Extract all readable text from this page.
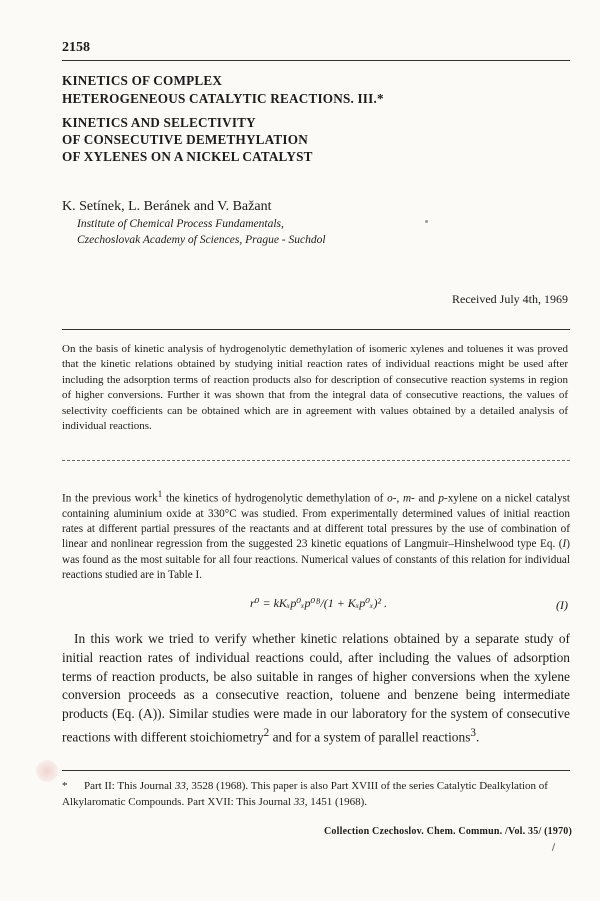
2158
KINETICS OF COMPLEX
HETEROGENEOUS CATALYTIC REACTIONS. III.*
KINETICS AND SELECTIVITY
OF CONSECUTIVE DEMETHYLATION
OF XYLENES ON A NICKEL CATALYST
K. Setínek, L. Beránek and V. Bažant
Institute of Chemical Process Fundamentals,
Czechoslovak Academy of Sciences, Prague - Suchdol
Received July 4th, 1969
On the basis of kinetic analysis of hydrogenolytic demethylation of isomeric xylenes and toluenes it was proved that the kinetic relations obtained by studying initial reaction rates of individual reactions might be used after including the adsorption terms of reaction products also for description of consecutive reaction systems in region of higher conversions. Further it was shown that from the integral data of consecutive reactions, the values of selectivity coefficients can be obtained which are in agreement with values obtained by a detailed analysis of individual reactions.
In the previous work$^1$ the kinetics of hydrogenolytic demethylation of o-, m- and p-xylene on a nickel catalyst containing aluminium oxide at 330°C was studied. From experimentally determined values of initial reaction rates at different partial pressures of the reactants and at different total pressures by the use of combination of linear and nonlinear regression from the suggested 23 kinetic equations of Langmuir–Hinshelwood type Eq. (I) was found as the most suitable for all four reactions. Numerical values of constants of this relation for individual reactions studied are in Table I.
r⁰ = kKₓp⁰ₓp⁰ᴮ/(1 + Kₓp⁰ₓ)² .	(I)
In this work we tried to verify whether kinetic relations obtained by a separate study of initial reaction rates of individual reactions could, after including the values of adsorption terms of reaction products, be also suitable in ranges of higher conversions when the xylene conversion proceeds as a consecutive reaction, toluene and benzene being intermediate products (Eq. (A)). Similar studies were made in our laboratory for the system of consecutive reactions with different stoichiometry$^2$ and for a system of parallel reactions$^3$.
* Part II: This Journal 33, 3528 (1968). This paper is also Part XVIII of the series Catalytic Dealkylation of Alkylaromatic Compounds. Part XVII: This Journal 33, 1451 (1968).
Collection Czechoslov. Chem. Commun. /Vol. 35/ (1970)
